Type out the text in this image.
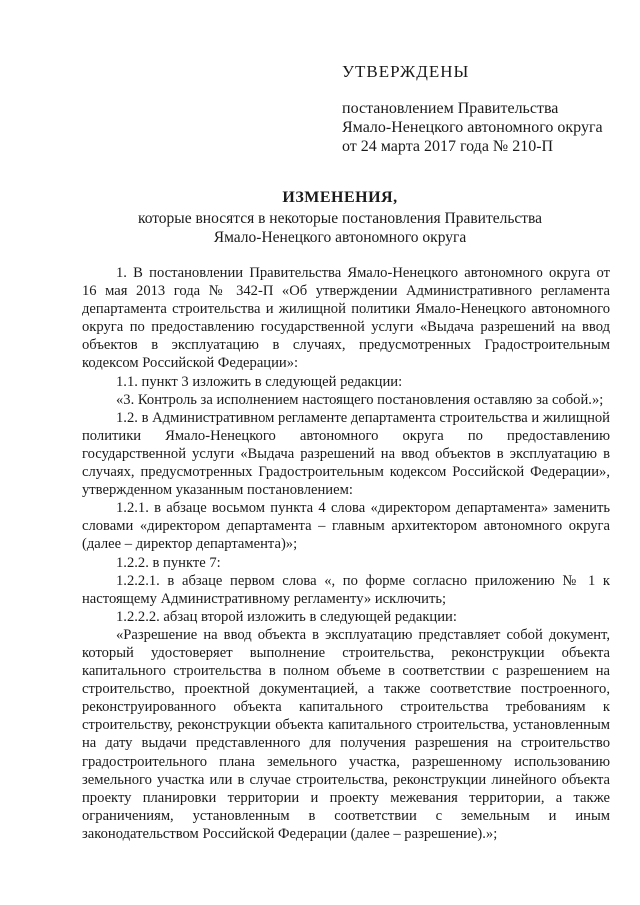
УТВЕРЖДЕНЫ
постановлением Правительства
Ямало-Ненецкого автономного округа
от 24 марта 2017 года № 210-П
ИЗМЕНЕНИЯ,
которые вносятся в некоторые постановления Правительства
Ямало-Ненецкого автономного округа

1. В постановлении Правительства Ямало-Ненецкого автономного округа от 16 мая 2013 года № 342-П «Об утверждении Административного регламента департамента строительства и жилищной политики Ямало-Ненецкого автономного округа по предоставлению государственной услуги «Выдача разрешений на ввод объектов в эксплуатацию в случаях, предусмотренных Градостроительным кодексом Российской Федерации»:

1.1. пункт 3 изложить в следующей редакции:

«3. Контроль за исполнением настоящего постановления оставляю за собой.»;

1.2. в Административном регламенте департамента строительства и жилищной политики Ямало-Ненецкого автономного округа по предоставлению государственной услуги «Выдача разрешений на ввод объектов в эксплуатацию в случаях, предусмотренных Градостроительным кодексом Российской Федерации», утвержденном указанным постановлением:

1.2.1. в абзаце восьмом пункта 4 слова «директором департамента» заменить словами «директором департамента – главным архитектором автономного округа (далее – директор департамента)»;

1.2.2. в пункте 7:

1.2.2.1. в абзаце первом слова «, по форме согласно приложению № 1 к настоящему Административному регламенту» исключить;

1.2.2.2. абзац второй изложить в следующей редакции:

«Разрешение на ввод объекта в эксплуатацию представляет собой документ, который удостоверяет выполнение строительства, реконструкции объекта капитального строительства в полном объеме в соответствии с разрешением на строительство, проектной документацией, а также соответствие построенного, реконструированного объекта капитального строительства требованиям к строительству, реконструкции объекта капитального строительства, установленным на дату выдачи представленного для получения разрешения на строительство градостроительного плана земельного участка, разрешенному использованию земельного участка или в случае строительства, реконструкции линейного объекта проекту планировки территории и проекту межевания территории, а также ограничениям, установленным в соответствии с земельным и иным законодательством Российской Федерации (далее – разрешение).»;
